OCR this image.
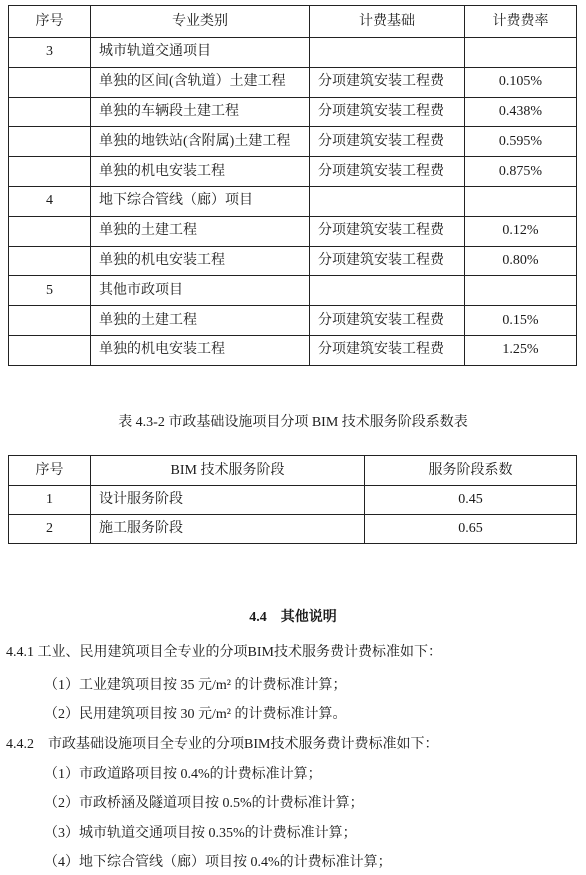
序号	专业类别	计费基础	计费费率
3	城市轨道交通项目		
	单独的区间(含轨道）土建工程	分项建筑安装工程费	0.105%
	单独的车辆段土建工程	分项建筑安装工程费	0.438%
	单独的地铁站(含附属)土建工程	分项建筑安装工程费	0.595%
	单独的机电安装工程	分项建筑安装工程费	0.875%
4	地下综合管线（廊）项目		
	单独的土建工程	分项建筑安装工程费	0.12%
	单独的机电安装工程	分项建筑安装工程费	0.80%
5	其他市政项目		
	单独的土建工程	分项建筑安装工程费	0.15%
	单独的机电安装工程	分项建筑安装工程费	1.25%
表 4.3-2 市政基础设施项目分项 BIM 技术服务阶段系数表
序号	BIM 技术服务阶段	服务阶段系数
1	设计服务阶段	0.45
2	施工服务阶段	0.65
4.4　其他说明
4.4.1 工业、民用建筑项目全专业的分项BIM技术服务费计费标准如下：
（1）工业建筑项目按 35 元/m² 的计费标准计算；
（2）民用建筑项目按 30 元/m² 的计费标准计算。
4.4.2　市政基础设施项目全专业的分项BIM技术服务费计费标准如下：
（1）市政道路项目按 0.4%的计费标准计算；
（2）市政桥涵及隧道项目按 0.5%的计费标准计算；
（3）城市轨道交通项目按 0.35%的计费标准计算；
（4）地下综合管线（廊）项目按 0.4%的计费标准计算；
